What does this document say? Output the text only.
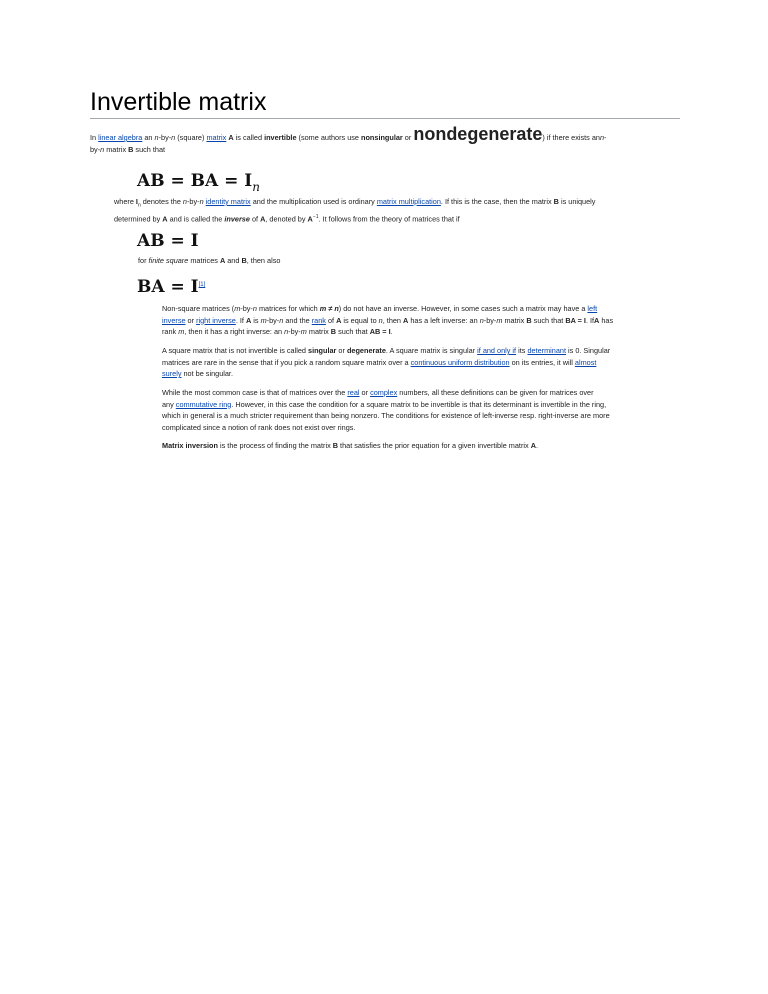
Invertible matrix
In linear algebra an n-by-n (square) matrix A is called invertible (some authors use nonsingular or nondegenerate) if there exists ann-
by-n matrix B such that
AB = BA = $I_n$
where $I_n$ denotes the n-by-n identity matrix and the multiplication used is ordinary matrix multiplication. If this is the case, then the matrix B is uniquely
determined by A and is called the inverse of A, denoted by $A^{-1}$. It follows from the theory of matrices that if
AB = I
for finite square matrices A and B, then also
BA = I[1]
Non-square matrices (m-by-n matrices for which m ≠ n) do not have an inverse. However, in some cases such a matrix may have a left
inverse or right inverse. If A is m-by-n and the rank of A is equal to n, then A has a left inverse: an n-by-m matrix B such that BA = I. IfA has
rank m, then it has a right inverse: an n-by-m matrix B such that AB = I.
A square matrix that is not invertible is called singular or degenerate. A square matrix is singular if and only if its determinant is 0. Singular
matrices are rare in the sense that if you pick a random square matrix over a continuous uniform distribution on its entries, it will almost
surely not be singular.
While the most common case is that of matrices over the real or complex numbers, all these definitions can be given for matrices over
any commutative ring. However, in this case the condition for a square matrix to be invertible is that its determinant is invertible in the ring,
which in general is a much stricter requirement than being nonzero. The conditions for existence of left-inverse resp. right-inverse are more
complicated since a notion of rank does not exist over rings.
Matrix inversion is the process of finding the matrix B that satisfies the prior equation for a given invertible matrix A.
